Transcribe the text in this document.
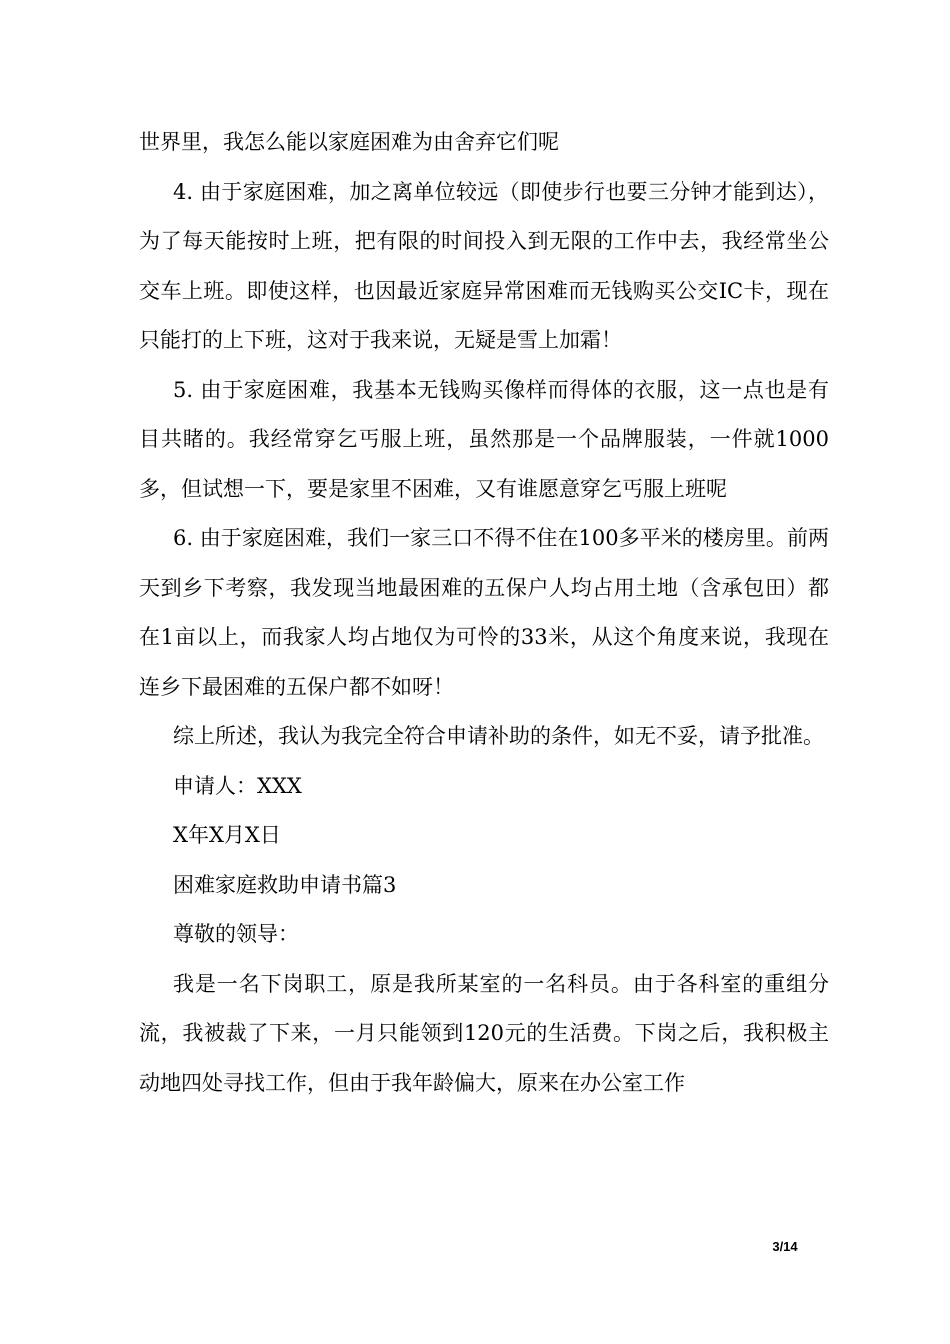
世界里，我怎么能以家庭困难为由舍弃它们呢

4. 由于家庭困难，加之离单位较远（即使步行也要三分钟才能到达），为了每天能按时上班，把有限的时间投入到无限的工作中去，我经常坐公交车上班。即使这样，也因最近家庭异常困难而无钱购买公交IC卡，现在只能打的上下班，这对于我来说，无疑是雪上加霜！

5. 由于家庭困难，我基本无钱购买像样而得体的衣服，这一点也是有目共睹的。我经常穿乞丐服上班，虽然那是一个品牌服装，一件就1000多，但试想一下，要是家里不困难，又有谁愿意穿乞丐服上班呢

6. 由于家庭困难，我们一家三口不得不住在100多平米的楼房里。前两天到乡下考察，我发现当地最困难的五保户人均占用土地（含承包田）都在1亩以上，而我家人均占地仅为可怜的33米，从这个角度来说，我现在连乡下最困难的五保户都不如呀！

综上所述，我认为我完全符合申请补助的条件，如无不妥，请予批准。

申请人：XXX

X年X月X日

困难家庭救助申请书篇3

尊敬的领导：

我是一名下岗职工，原是我所某室的一名科员。由于各科室的重组分流，我被裁了下来，一月只能领到120元的生活费。下岗之后，我积极主动地四处寻找工作，但由于我年龄偏大，原来在办公室工作

3/14
